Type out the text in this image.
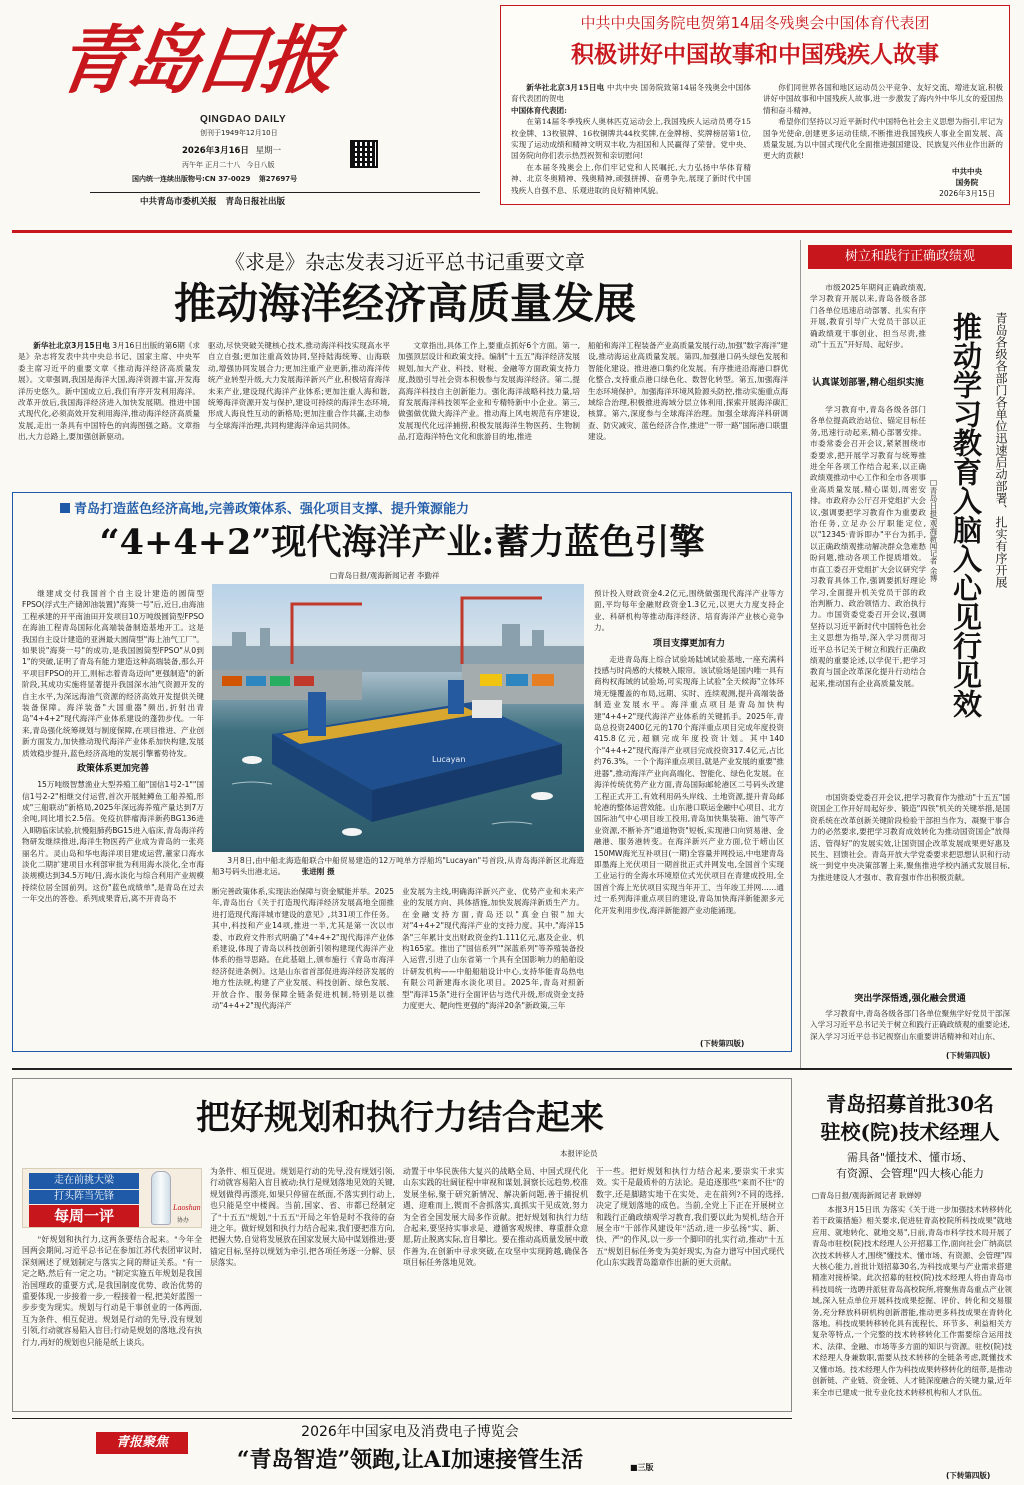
青岛日报
QINGDAO DAILY
创刊于1949年12月10日
2026年3月16日 星期一
丙午年 正月二十八 今日八版
国内统一连续出版物号:CN 37-0029 第27697号
中共青岛市委机关报 青岛日报社出版
中共中央国务院电贺第14届冬残奥会中国体育代表团
积极讲好中国故事和中国残疾人故事

新华社北京3月15日电 中共中央 国务院致第14届冬残奥会中国体育代表团的贺电

中国体育代表团:

在第14届冬季残疾人奥林匹克运动会上,我国残疾人运动员勇夺15枚金牌、13枚银牌、16枚铜牌共44枚奖牌,在金牌榜、奖牌榜居第1位,实现了运动成绩和精神文明双丰收,为祖国和人民赢得了荣誉。党中央、国务院向你们表示热烈祝贺和亲切慰问!

在本届冬残奥会上,你们牢记党和人民嘱托,大力弘扬中华体育精神、北京冬奥精神、残奥精神,顽强拼搏、奋勇争先,展现了新时代中国残疾人自强不息、乐观进取的良好精神风貌。

你们同世界各国和地区运动员公平竞争、友好交流、增进友谊,积极讲好中国故事和中国残疾人故事,进一步激发了海内外中华儿女的爱国热情和奋斗精神。

希望你们坚持以习近平新时代中国特色社会主义思想为指引,牢记为国争光使命,创建更多运动佳绩,不断推进我国残疾人事业全面发展、高质量发展,为以中国式现代化全面推进强国建设、民族复兴伟业作出新的更大的贡献!

中共中央
国务院
2026年3月15日
《求是》杂志发表习近平总书记重要文章
推动海洋经济高质量发展

新华社北京3月15日电 3月16日出版的第6期《求是》杂志将发表中共中央总书记、国家主席、中央军委主席习近平的重要文章《推动海洋经济高质量发展》。文章强调,我国是海洋大国,海洋资源丰富,开发海洋历史悠久。新中国成立后,我们有序开发利用海洋。改革开放后,我国海洋经济进入加快发展期。推进中国式现代化,必须高效开发利用海洋,推动海洋经济高质量发展,走出一条具有中国特色的向海图强之路。文章指出,大力总路上,要加强创新驱动。

驱动,尽快突破关键核心技术,推动海洋科技实现高水平自立自强;更加注重高效协同,坚持陆海统筹、山海联动,增强协同发展合力;更加注重产业更新,推动海洋传统产业转型升级,大力发展海洋新兴产业,积极培育海洋未来产业,建设现代海洋产业体系;更加注重人海和谐,统筹海洋资源开发与保护,建设可持续的海洋生态环境,形成人海良性互动的新格局;更加注重合作共赢,主动参与全球海洋治理,共同构建海洋命运共同体。

文章指出,具体工作上,要重点抓好6个方面。第一,加强顶层设计和政策支持。编制"十五五"海洋经济发展规划,加大产业、科技、财税、金融等方面政策支持力度,鼓励引导社会资本积极参与发展海洋经济。第二,提高海洋科技自主创新能力。强化海洋战略科技力量,培育发展海洋科技领军企业和专精特新中小企业。第三,做强做优做大海洋产业。推动海上风电规范有序建设,发展现代化远洋捕捞,积极发展海洋生物医药、生物制品,打造海洋特色文化和旅游目的地,推进

船舶和海洋工程装备产业高质量发展行动,加强"数字海洋"建设,推动海运业高质量发展。第四,加强港口码头绿色发展和智能化建设。推进港口集约化发展。有序推进沿海港口群优化整合,支持重点港口绿色化、数智化转型。第五,加强海洋生态环境保护。加强海洋环境风险源头防控,推动实施重点海域综合治理,积极推进海域分层立体利用,探索开展海洋碳汇核算。第六,深度参与全球海洋治理。加强全球海洋科研调查、防灾减灾、蓝色经济合作,推进"一带一路"国际港口联盟建设。

青岛打造蓝色经济高地,完善政策体系、强化项目支撑、提升策源能力
“4+4+2”现代海洋产业:蓄力蓝色引擎
□青岛日报/观海新闻记者 李勤祥

继建成交付我国首个自主设计建造的圆筒型FPSO(浮式生产储卸油装置)"海葵一号"后,近日,由海油工程承建的开平南油田开发项目10万吨级圆筒型FPSO在海油工程青岛国际化高端装备制造基地开工。这是我国自主设计建造的亚洲最大圆筒型"海上油气工厂"。如果说"海葵一号"的成功,是我国圆筒型FPSO"从0到1"的突破,证明了青岛有能力建造这种高端装备,那么开平项目FPSO的开工,则标志着青岛迈向"更强制造"的新阶段,其成功实施将显著提升我国深水油气资源开发的自主水平,为深远海油气资源的经济高效开发提供关键装备保障。海洋装备"大国重器"频出,折射出青岛"4+4+2"现代海洋产业体系建设的蓬勃步伐。一年来,青岛强化统筹规划与制度保障,在项目推进、产业创新方面发力,加快推动现代海洋产业体系加快构建,发展质效稳步提升,蓝色经济高地的发展引擎蓄势待发。

政策体系更加完善

15万吨级智慧渔业大型养殖工船"国信1号2-1""国信1号2-2"相继交付运营,首次开展鲑鳟鱼工船养殖,形成"三船联动"新格局,2025年深远海养殖产量达到7万余吨,同比增长2.5倍。免疫抗胖瘤海洋新药BG136进入Ⅱ期临床试验,抗慢阻肺药BG15进入临床,青岛海洋药物研发继续推进,海洋生物医药产业成为青岛的一张亮丽名片。灵山岛和华电海洋项目建成运营,董家口海水淡化二期扩建项目水利部审批为利用海水淡化,全市海淡规模达到34.5万吨/日,海水淡化与综合利用产业规模持续位居全国前列。这份"蓝色成绩单",是青岛在过去一年交出的答卷。系列成果背后,离不开青岛不

Lucayan

3月8日,由中船北海造船联合中船贸易建造的12万吨单方浮船坞"Lucayan"号首段,从青岛海洋新区北海造船3号码头出港北运。 张进刚 摄

断完善政策体系,实现法治保障与资金赋能并举。2025年,青岛出台《关于打造现代海洋经济发展高地全面推进打造现代海洋城市建设的意见》,共31项工作任务。其中,科技和产业14项,推进一半,尤其是第一次以市委、市政府文件形式明确了"4+4+2"现代海洋产业体系建设,体现了青岛以科技创新引领构建现代海洋产业体系的指导思路。在此基础上,颁布施行《青岛市海洋经济促进条例》。这是山东省首部促进海洋经济发展的地方性法规,构建了产业发展、科技创新、绿色发展、开放合作、服务保障全链条促进机制,特别是以推动"4+4+2"现代海洋产

业发展为主线,明确海洋新兴产业、优势产业和未来产业的发展方向、具体措施,加快发展海洋新质生产力。在金融支持方面,青岛还以"真金白银"加大对"4+4+2"现代海洋产业的支持力度。其中,"海洋15条"三年累计支出财政资金约1.111亿元,惠及企业、机构165家。推出了"国信系列""深蓝系列"等养殖装备投入运营,引进了山东省第一个具有全国影响力的船舶设计研发机构——中船船舶设计中心,支持华能青岛热电有限公司新建海水淡化项目。2025年,青岛对照新型"海洋15条"进行全面评估与迭代升级,形成资金支持力度更大、靶向性更强的"海洋20条"新政策,三年

预计投入财政资金4.2亿元,围绕做强现代海洋产业等方面,平均每年金融财政资金1.3亿元,以更大力度支持企业、科研机构等推动海洋经济、培育海洋产业核心竞争力。

项目支撑更加有力

走进青岛海上综合试验场陆域试验基地,一座充满科技感与时尚感的大楼映入眼帘。该试验场是国内唯一具有商构权海域的试验场,可实现海上试验"全天候海"立体环境无缝覆盖的布局,远期、实时、连续观测,提升高端装备制造业发展水平。海洋重点项目是青岛加快构建"4+4+2"现代海洋产业体系的关键抓手。2025年,青岛总投资2400亿元的170个海洋重点项目完成年度投资415.8亿元,超额完成年度投资计划。其中140个"4+4+2"现代海洋产业项目完成投资317.4亿元,占比约76.3%。一个个海洋重点项目,就是产业发展的重要"推进器",推动海洋产业向高端化、智能化、绿色化发展。在海洋传统优势产业方面,青岛国际邮轮港区二号码头改建工程正式开工,有效利用码头岸线、土地资源,提升青岛邮轮港的整体运营效能。山东港口联运金融中心项目、北方国际油气中心项目竣工投用,青岛加快集装箱、油气等产业资源,不断补齐"通道物资"短板,实现港口向贸易港、金融港、服务港转变。在海洋新兴产业方面,位于崂山区150MW海光互补项目(一期)全容量并网投运,中电建青岛即墨海上光伏项目一期首批正式并网发电,全国首个实现工业运行的全海水环境原位式光伏项目在青建成投用,全国首个海上光伏项目实现当年开工、当年竣工并网……通过一系列海洋重点项目的建设,青岛加快海洋新能源多元化开发利用步伐,海洋新能源产业动能涌现。

(下转第四版)
树立和践行正确政绩观

市级2025年期间正确政绩观,学习教育开展以来,青岛各级各部门各单位迅速启动部署、扎实有序开展,教育引导广大党员干部以正确政绩观干事创业、担当尽责,推动"十五五"开好局、起好步。	青岛各级各部门各单位迅速启动部署、扎实有序开展
推动学习教育入脑入心见行见效
□青岛日报/观海新闻记者 余博
认真谋划部署,精心组织实施

学习教育中,青岛各级各部门各单位提高政治站位、锚定目标任务,迅速行动起来,精心部署安排。市委常委会召开会议,紧紧围绕市委要求,把开展学习教育与统筹推进全年各项工作结合起来,以正确政绩观推动中心工作和全市各项事业高质量发展,精心谋划,周密安排。市政府办公厅召开党组扩大会议,强调要把学习教育作为重要政治任务,立足办公厅职能定位,以"12345·青诉即办"平台为抓手,以正确政绩观推动解决群众急难愁盼问题,推动各项工作提质增效。市直工委召开党组扩大会议研究学习教育具体工作,强调要抓好理论学习,全面提升机关党员干部的政治判断力、政治领悟力、政治执行力。市国资委党委召开会议,强调坚持以习近平新时代中国特色社会主义思想为指导,深入学习贯彻习近平总书记关于树立和践行正确政绩观的重要论述,以学促干,把学习教育与国企改革深化提升行动结合起来,推动国有企业高质量发展。

市国资委党委召开会议,把学习教育作为推动"十五五"国资国企工作开好局起好步、锻造"四铁"机关的关键举措,是国资系统在改革创新关键阶段检验干部担当作为、凝聚干事合力的必然要求,要把学习教育成效转化为推动国资国企"放得活、管得好"的发展实效,让国资国企改革发展成果更好惠及民生、回馈社会。青岛开放大学党委要求把思想认识和行动统一到党中央决策部署上来,聚焦推进学校内涵式发展目标,为推进建设人才强市、教育强市作出积极贡献。

突出学深悟透,强化融会贯通

学习教育中,青岛各级各部门各单位聚焦学好党员干部深入学习习近平总书记关于树立和践行正确政绩观的重要论述,深入学习习近平总书记视察山东重要讲话精神和对山东、

(下转第四版)
把好规划和执行力结合起来
本报评论员
走在前挑大梁
打头阵当先锋
每周一评	Laoshan
协办

"好规划和执行力,这两条要结合起来。"今年全国两会期间,习近平总书记在参加江苏代表团审议时,深刻阐述了规划制定与落实之间的辩证关系。"有一定之略,然后有一定之功。"制定实施五年规划是我国治国理政的重要方式,是我国制度优势、政治优势的重要体现,一步接着一步,一程接着一程,把美好蓝图一步步变为现实。规划与行动是干事创业的一体两面,互为条件、相互促进。规划是行动的先导,没有规划引领,行动就容易陷入盲目;行动是规划的落地,没有执行力,再好的规划也只能是纸上谈兵。

为条件、相互促进。规划是行动的先导,没有规划引领,行动就容易陷入盲目被动;执行是规划落地见效的关键,规划做得再漂亮,如果只停留在纸面,不落实到行动上,也只能是空中楼阁。当前,国家、省、市都已经制定了"十五五"规划,"十五五"开局之年恰是时不我待的奋进之年。做好规划和执行力结合起来,我们要把准方向,把握大势,自觉将发展放在国家发展大局中谋划推进;要锚定目标,坚持以规划为牵引,把各项任务逐一分解、层层落实。

动置于中华民族伟大复兴的战略全局、中国式现代化山东实践的壮阔征程中审视和谋划,洞察长远趋势,校准发展坐标,聚于研究新情况、解决新问题,善于捕捉机遇、迎难而上,锲而不舍抓落实,真抓实干见成效,努力为全省全国发展大局多作贡献。把好规划和执行力结合起来,要坚持实事求是、遵循客观规律、尊重群众意愿,防止脱离实际,盲目攀比。要在推动高质量发展中敢作善为,在创新中寻求突破,在攻坚中实现跨越,确保各项目标任务落地见效。

干一些。把好规划和执行力结合起来,要崇实干求实效。实干是最质朴的方法论。是追逐那些"来而不往"的数字,还是脚踏实地干在实处、走在前列?不同的选择,决定了规划落地的成色。当前,全党上下正在开展树立和践行正确政绩观学习教育,我们要以此为契机,结合开展全市"干部作风建设年"活动,进一步弘扬"实、新、快、严"的作风,以一步一个脚印的扎实行动,推动"十五五"规划目标任务变为美好现实,为奋力谱写中国式现代化山东实践青岛篇章作出新的更大贡献。

青岛招募首批30名
驻校(院)技术经理人
需具备"懂技术、懂市场、
有资源、会管理"四大核心能力
□青岛日报/观海新闻记者 耿婵婷

本报3月15日讯 为落实《关于进一步加强技术转移转化若干政策措施》相关要求,促进驻青高校院所科技成果"就地应用、就地转化、就地交易",日前,青岛市科学技术局开展了青岛市驻校(院)技术经理人公开招募工作,面向社会广纳高层次技术转移人才,围绕"懂技术、懂市场、有资源、会管理"四大核心能力,首批计划招募30名,为科技成果与产业需求搭建精准对接桥梁。此次招募的驻校(院)技术经理人将由青岛市科技局统一选聘并派驻青岛高校院所,将聚焦青岛重点产业领域,深入驻点单位开展科技成果挖掘、评价、转化和交易服务,充分释放科研机构创新潜能,推动更多科技成果在青转化落地。科技成果转移转化具有流程长、环节多、利益相关方复杂等特点,一个完整的技术转移转化工作需要综合运用技术、法律、金融、市场等多方面的知识与资源。驻校(院)技术经理人身兼数职,需要从技术转移的全链条考虑,既懂技术又懂市场。技术经理人作为科技成果转移转化的纽带,是推动创新链、产业链、资金链、人才链深度融合的关键力量,近年来全市已建成一批专业化技术转移机构和人才队伍。

(下转第四版)
青报聚焦
2026年中国家电及消费电子博览会
“青岛智造”领跑,让AI加速接管生活	■三版
